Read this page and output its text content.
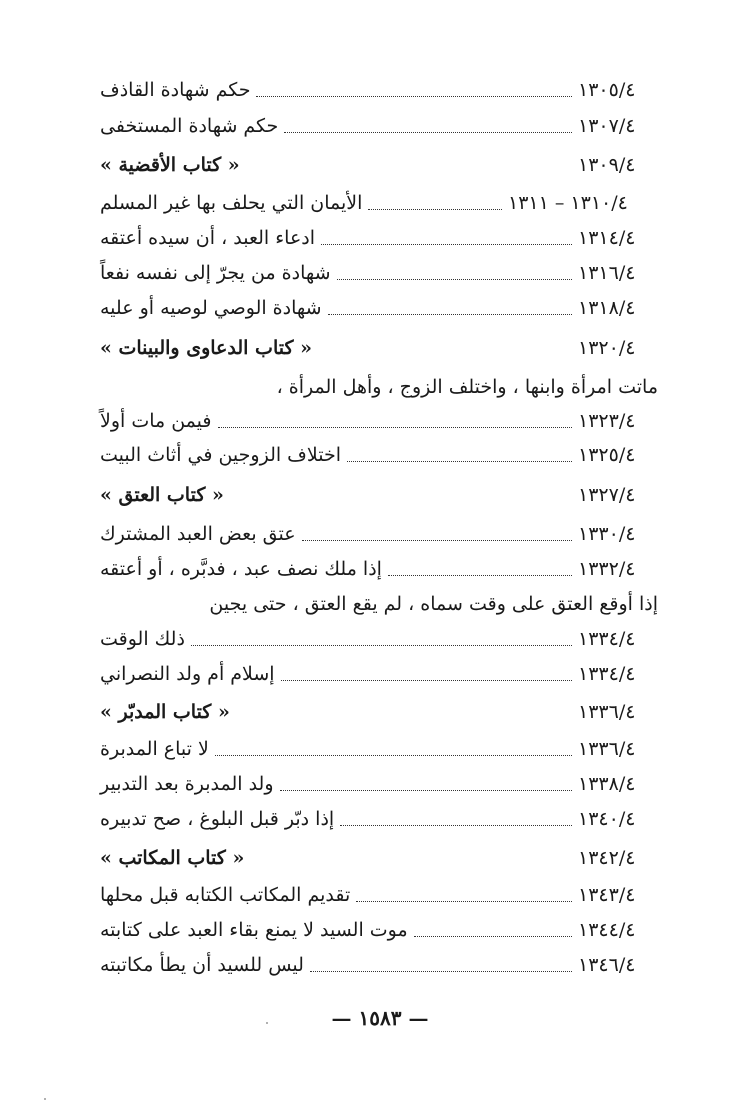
حكم شهادة القاذف	١٣٠٥/٤
حكم شهادة المستخفى	١٣٠٧/٤
« كتاب الأقضية »	١٣٠٩/٤
الأيمان التي يحلف بها غير المسلم	١٣١٠/٤ – ١٣١١
ادعاء العبد ، أن سيده أعتقه	١٣١٤/٤
شهادة من يجرّ إلى نفسه نفعاً	١٣١٦/٤
شهادة الوصي لوصيه أو عليه	١٣١٨/٤
« كتاب الدعاوى والبينات »	١٣٢٠/٤
ماتت امرأة وابنها ، واختلف الزوج ، وأهل المرأة ،
فيمن مات أولاً	١٣٢٣/٤
اختلاف الزوجين في أثاث البيت	١٣٢٥/٤
« كتاب العتق »	١٣٢٧/٤
عتق بعض العبد المشترك	١٣٣٠/٤
إذا ملك نصف عبد ، فدبَّره ، أو أعتقه	١٣٣٢/٤
إذا أوقع العتق على وقت سماه ، لم يقع العتق ، حتى يجين
ذلك الوقت	١٣٣٤/٤
إسلام أم ولد النصراني	١٣٣٤/٤
« كتاب المدبّر »	١٣٣٦/٤
لا تباع المدبرة	١٣٣٦/٤
ولد المدبرة بعد التدبير	١٣٣٨/٤
إذا دبّر قبل البلوغ ، صح تدبيره	١٣٤٠/٤
« كتاب المكاتب »	١٣٤٢/٤
تقديم المكاتب الكتابه قبل محلها	١٣٤٣/٤
موت السيد لا يمنع بقاء العبد على كتابته	١٣٤٤/٤
ليس للسيد أن يطأ مكاتبته	١٣٤٦/٤
— ١٥٨٣ —
